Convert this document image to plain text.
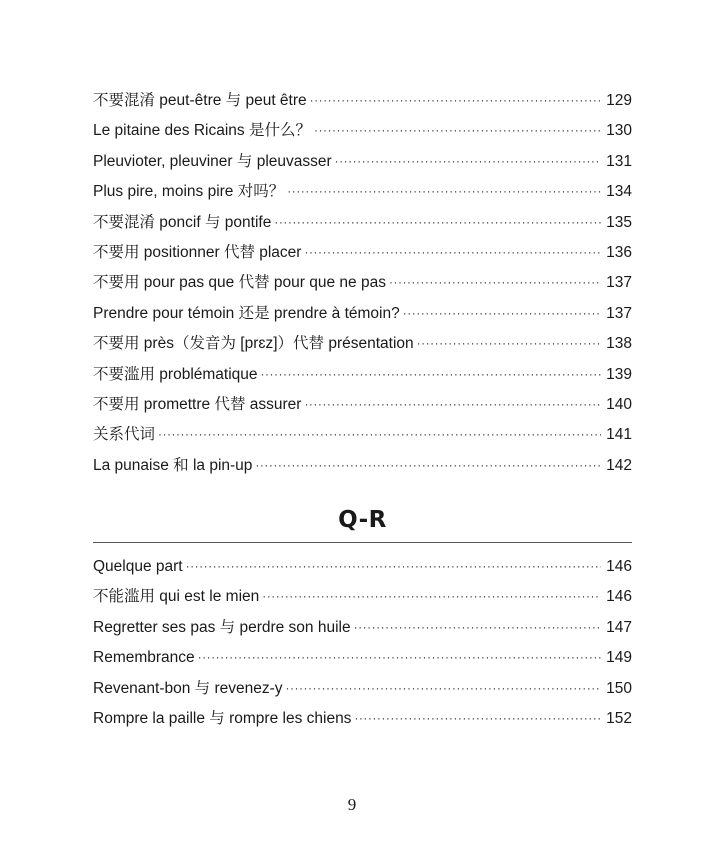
不要混淆 peut-être 与 peut être ·····	129
Le pitaine des Ricains 是什么？ ·····	130
Pleuvioter, pleuviner 与 pleuvasser ·····	131
Plus pire, moins pire 对吗？ ·····	134
不要混淆 poncif 与 pontife ·····	135
不要用 positionner 代替 placer ·····	136
不要用 pour pas que 代替 pour que ne pas ·····	137
Prendre pour témoin 还是 prendre à témoin? ·····	137
不要用 près（发音为 [prɛz]）代替 présentation ·····	138
不要滥用 problématique ·····	139
不要用 promettre 代替 assurer ·····	140
关系代词 ·····	141
La punaise 和 la pin-up ·····	142
Q-R
Quelque part ·····	146
不能滥用 qui est le mien ·····	146
Regretter ses pas 与 perdre son huile ·····	147
Remembrance ·····	149
Revenant-bon 与 revenez-y ·····	150
Rompre la paille 与 rompre les chiens ·····	152
9
